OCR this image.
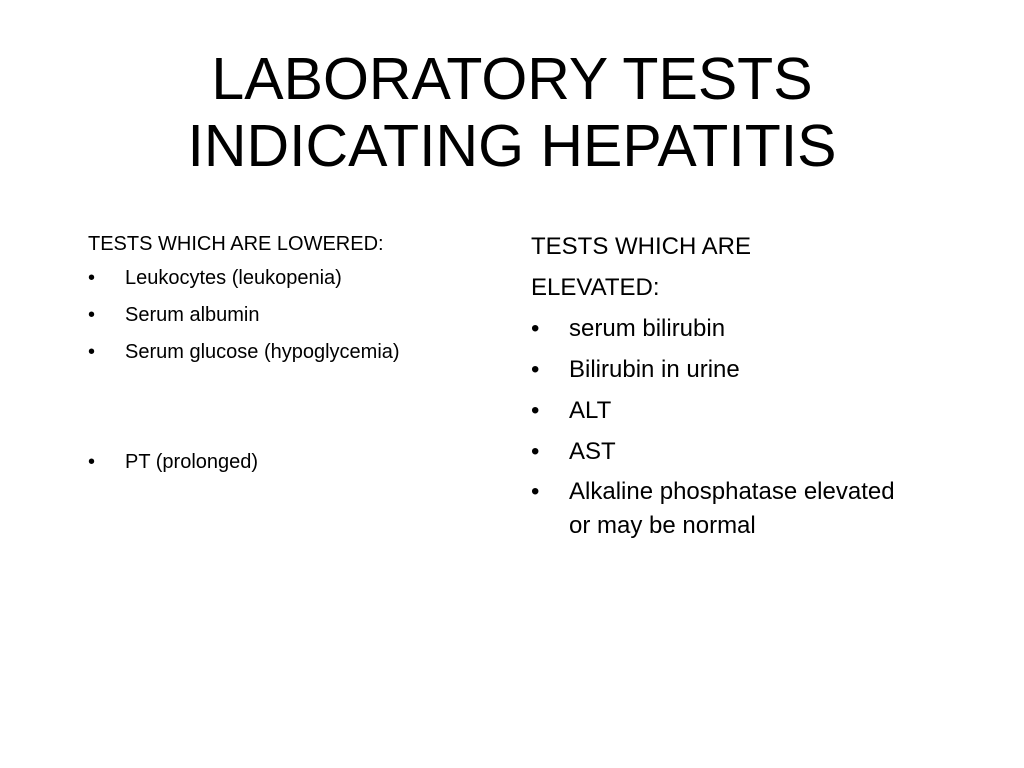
LABORATORY TESTS
INDICATING HEPATITIS
TESTS WHICH ARE LOWERED:
• Leukocytes (leukopenia)
• Serum albumin
• Serum glucose (hypoglycemia)
• PT (prolonged)
TESTS WHICH ARE
ELEVATED:
• serum bilirubin
• Bilirubin in urine
• ALT
• AST
• Alkaline phosphatase elevated or may be normal
